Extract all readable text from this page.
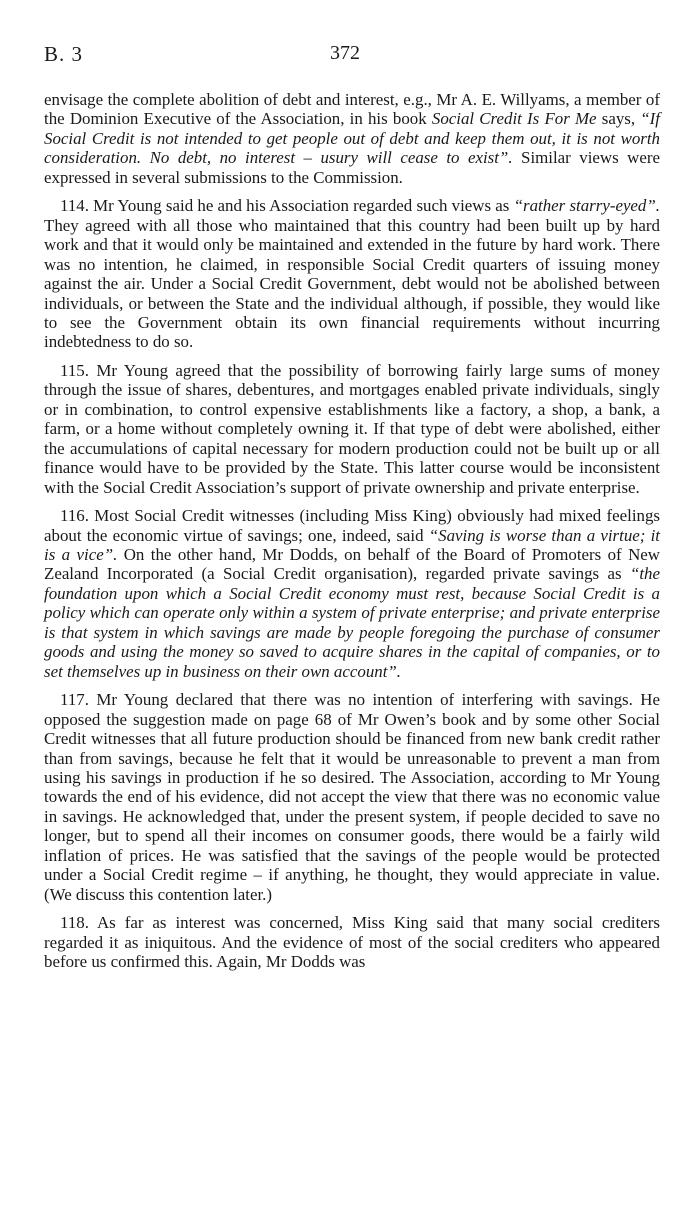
B. 3	372

envisage the complete abolition of debt and interest, e.g., Mr A. E. Willyams, a member of the Dominion Executive of the Association, in his book Social Credit Is For Me says, “If Social Credit is not intended to get people out of debt and keep them out, it is not worth consideration. No debt, no interest – usury will cease to exist”. Similar views were expressed in several submissions to the Commission.

114. Mr Young said he and his Association regarded such views as “rather starry-eyed”. They agreed with all those who maintained that this country had been built up by hard work and that it would only be maintained and extended in the future by hard work. There was no intention, he claimed, in responsible Social Credit quarters of issuing money against the air. Under a Social Credit Government, debt would not be abolished between individuals, or between the State and the individual although, if possible, they would like to see the Government obtain its own financial requirements without incurring indebtedness to do so.

115. Mr Young agreed that the possibility of borrowing fairly large sums of money through the issue of shares, debentures, and mortgages enabled private individuals, singly or in combination, to control expensive establishments like a factory, a shop, a bank, a farm, or a home without completely owning it. If that type of debt were abolished, either the accumulations of capital necessary for modern production could not be built up or all finance would have to be provided by the State. This latter course would be inconsistent with the Social Credit Association’s support of private ownership and private enterprise.

116. Most Social Credit witnesses (including Miss King) obviously had mixed feelings about the economic virtue of savings; one, indeed, said “Saving is worse than a virtue; it is a vice”. On the other hand, Mr Dodds, on behalf of the Board of Promoters of New Zealand Incorporated (a Social Credit organisation), regarded private savings as “the foundation upon which a Social Credit economy must rest, because Social Credit is a policy which can operate only within a system of private enterprise; and private enterprise is that system in which savings are made by people foregoing the purchase of consumer goods and using the money so saved to acquire shares in the capital of companies, or to set themselves up in business on their own account”.

117. Mr Young declared that there was no intention of interfering with savings. He opposed the suggestion made on page 68 of Mr Owen’s book and by some other Social Credit witnesses that all future production should be financed from new bank credit rather than from savings, because he felt that it would be unreasonable to prevent a man from using his savings in production if he so desired. The Association, according to Mr Young towards the end of his evidence, did not accept the view that there was no economic value in savings. He acknowledged that, under the present system, if people decided to save no longer, but to spend all their incomes on consumer goods, there would be a fairly wild inflation of prices. He was satisfied that the savings of the people would be protected under a Social Credit regime – if anything, he thought, they would appreciate in value. (We discuss this contention later.)

118. As far as interest was concerned, Miss King said that many social crediters regarded it as iniquitous. And the evidence of most of the social crediters who appeared before us confirmed this. Again, Mr Dodds was
